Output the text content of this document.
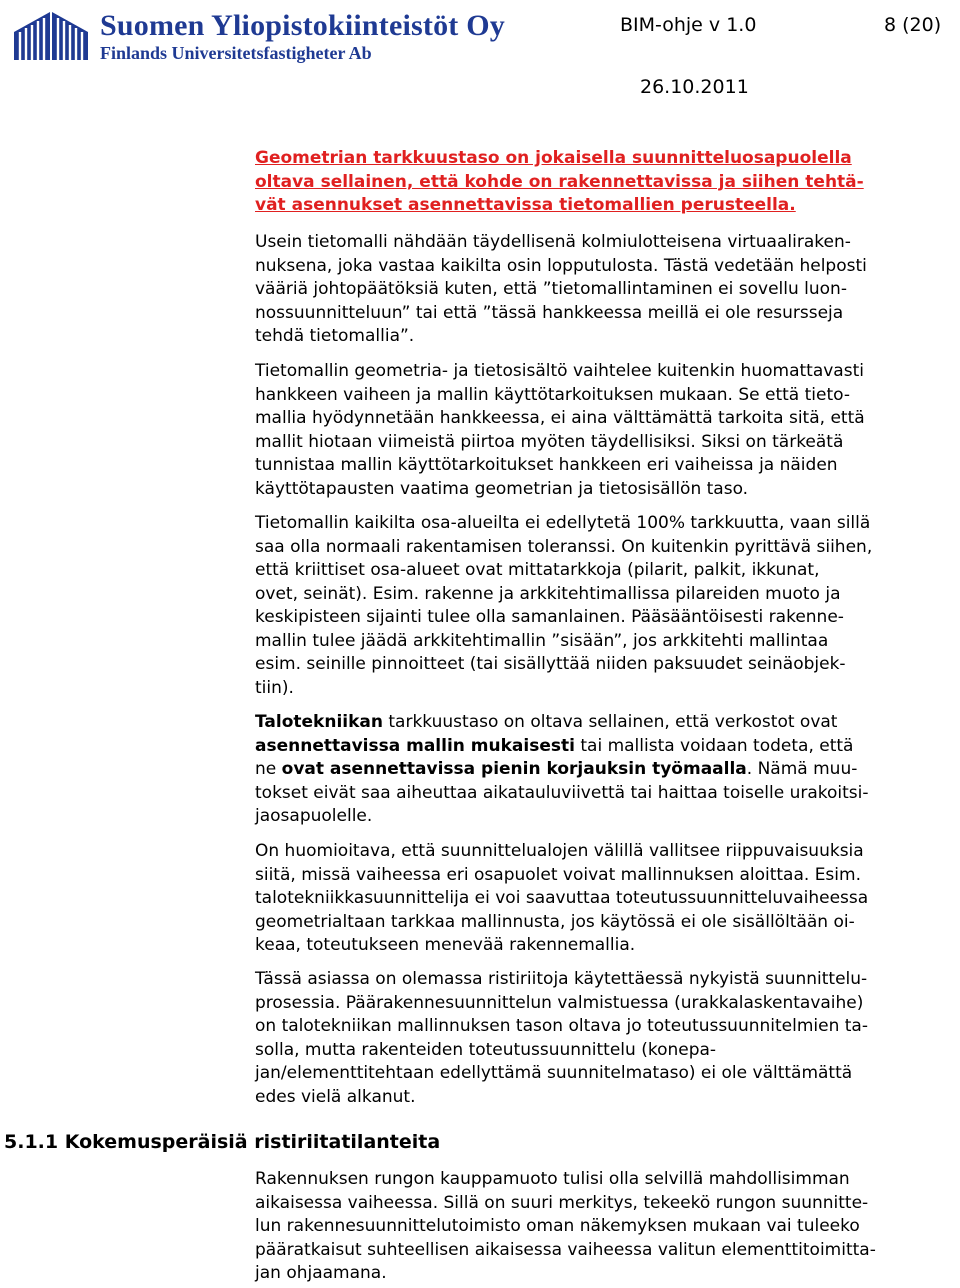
Suomen Yliopistokiinteistöt Oy
Finlands Universitetsfastigheter Ab
BIM-ohje v 1.0	8 (20)
26.10.2011
Geometrian tarkkuustaso on jokaisella suunnitteluosapuolella
oltava sellainen, että kohde on rakennettavissa ja siihen tehtä-
vät asennukset asennettavissa tietomallien perusteella.
Usein tietomalli nähdään täydellisenä kolmiulotteisena virtuaaliraken-
nuksena, joka vastaa kaikilta osin lopputulosta. Tästä vedetään helposti
vääriä johtopäätöksiä kuten, että ”tietomallintaminen ei sovellu luon-
nossuunnitteluun” tai että ”tässä hankkeessa meillä ei ole resursseja
tehdä tietomallia”.
Tietomallin geometria- ja tietosisältö vaihtelee kuitenkin huomattavasti
hankkeen vaiheen ja mallin käyttötarkoituksen mukaan. Se että tieto-
mallia hyödynnetään hankkeessa, ei aina välttämättä tarkoita sitä, että
mallit hiotaan viimeistä piirtoa myöten täydellisiksi. Siksi on tärkeätä
tunnistaa mallin käyttötarkoitukset hankkeen eri vaiheissa ja näiden
käyttötapausten vaatima geometrian ja tietosisällön taso.
Tietomallin kaikilta osa-alueilta ei edellytetä 100% tarkkuutta, vaan sillä
saa olla normaali rakentamisen toleranssi. On kuitenkin pyrittävä siihen,
että kriittiset osa-alueet ovat mittatarkkoja (pilarit, palkit, ikkunat,
ovet, seinät). Esim. rakenne ja arkkitehtimallissa pilareiden muoto ja
keskipisteen sijainti tulee olla samanlainen. Pääsääntöisesti rakenne-
mallin tulee jäädä arkkitehtimallin ”sisään”, jos arkkitehti mallintaa
esim. seinille pinnoitteet (tai sisällyttää niiden paksuudet seinäobjek-
tiin).
Talotekniikan tarkkuustaso on oltava sellainen, että verkostot ovat
asennettavissa mallin mukaisesti tai mallista voidaan todeta, että
ne ovat asennettavissa pienin korjauksin työmaalla. Nämä muu-
tokset eivät saa aiheuttaa aikatauluviivettä tai haittaa toiselle urakoitsi-
jaosapuolelle.
On huomioitava, että suunnittelualojen välillä vallitsee riippuvaisuuksia
siitä, missä vaiheessa eri osapuolet voivat mallinnuksen aloittaa. Esim.
talotekniikkasuunnittelija ei voi saavuttaa toteutussuunnitteluvaiheessa
geometrialtaan tarkkaa mallinnusta, jos käytössä ei ole sisällöltään oi-
keaa, toteutukseen menevää rakennemallia.
Tässä asiassa on olemassa ristiriitoja käytettäessä nykyistä suunnittelu-
prosessia. Päärakennesuunnittelun valmistuessa (urakkalaskentavaihe)
on talotekniikan mallinnuksen tason oltava jo toteutussuunnitelmien ta-
solla, mutta rakenteiden toteutussuunnittelu (konepa-
jan/elementtitehtaan edellyttämä suunnitelmataso) ei ole välttämättä
edes vielä alkanut.
5.1.1 Kokemusperäisiä ristiriitatilanteita
Rakennuksen rungon kauppamuoto tulisi olla selvillä mahdollisimman
aikaisessa vaiheessa. Sillä on suuri merkitys, tekeekö rungon suunnitte-
lun rakennesuunnittelutoimisto oman näkemyksen mukaan vai tuleeko
pääratkaisut suhteellisen aikaisessa vaiheessa valitun elementtitoimitta-
jan ohjaamana.
